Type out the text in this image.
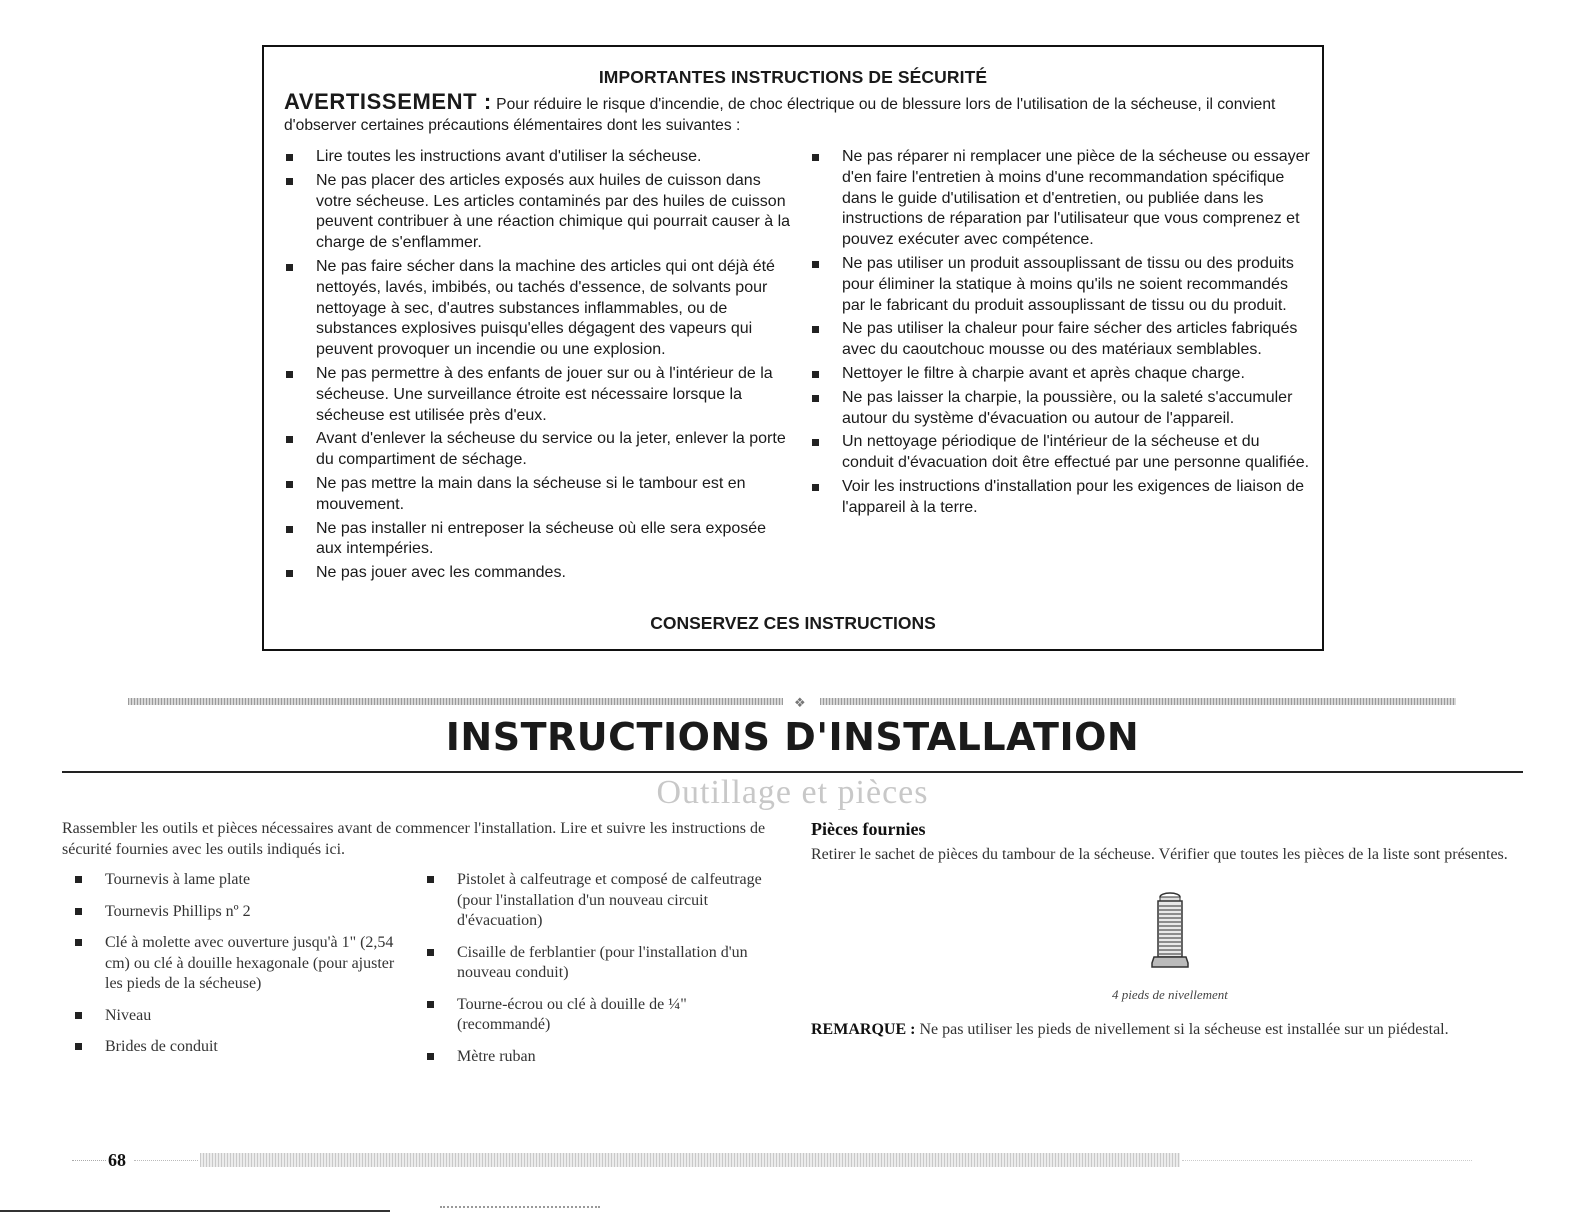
IMPORTANTES INSTRUCTIONS DE SÉCURITÉ
AVERTISSEMENT : Pour réduire le risque d'incendie, de choc électrique ou de blessure lors de l'utilisation de la sécheuse, il convient d'observer certaines précautions élémentaires dont les suivantes :
Lire toutes les instructions avant d'utiliser la sécheuse.
Ne pas placer des articles exposés aux huiles de cuisson dans votre sécheuse. Les articles contaminés par des huiles de cuisson peuvent contribuer à une réaction chimique qui pourrait causer à la charge de s'enflammer.
Ne pas faire sécher dans la machine des articles qui ont déjà été nettoyés, lavés, imbibés, ou tachés d'essence, de solvants pour nettoyage à sec, d'autres substances inflammables, ou de substances explosives puisqu'elles dégagent des vapeurs qui peuvent provoquer un incendie ou une explosion.
Ne pas permettre à des enfants de jouer sur ou à l'intérieur de la sécheuse. Une surveillance étroite est nécessaire lorsque la sécheuse est utilisée près d'eux.
Avant d'enlever la sécheuse du service ou la jeter, enlever la porte du compartiment de séchage.
Ne pas mettre la main dans la sécheuse si le tambour est en mouvement.
Ne pas installer ni entreposer la sécheuse où elle sera exposée aux intempéries.
Ne pas jouer avec les commandes.
Ne pas réparer ni remplacer une pièce de la sécheuse ou essayer d'en faire l'entretien à moins d'une recommandation spécifique dans le guide d'utilisation et d'entretien, ou publiée dans les instructions de réparation par l'utilisateur que vous comprenez et pouvez exécuter avec compétence.
Ne pas utiliser un produit assouplissant de tissu ou des produits pour éliminer la statique à moins qu'ils ne soient recommandés par le fabricant du produit assouplissant de tissu ou du produit.
Ne pas utiliser la chaleur pour faire sécher des articles fabriqués avec du caoutchouc mousse ou des matériaux semblables.
Nettoyer le filtre à charpie avant et après chaque charge.
Ne pas laisser la charpie, la poussière, ou la saleté s'accumuler autour du système d'évacuation ou autour de l'appareil.
Un nettoyage périodique de l'intérieur de la sécheuse et du conduit d'évacuation doit être effectué par une personne qualifiée.
Voir les instructions d'installation pour les exigences de liaison de l'appareil à la terre.
CONSERVEZ CES INSTRUCTIONS
❖
INSTRUCTIONS D'INSTALLATION
Outillage et pièces
Rassembler les outils et pièces nécessaires avant de commencer l'installation. Lire et suivre les instructions de sécurité fournies avec les outils indiqués ici.
Tournevis à lame plate
Tournevis Phillips nº 2
Clé à molette avec ouverture jusqu'à 1" (2,54 cm) ou clé à douille hexagonale (pour ajuster les pieds de la sécheuse)
Niveau
Brides de conduit
Pistolet à calfeutrage et composé de calfeutrage (pour l'installation d'un nouveau circuit d'évacuation)
Cisaille de ferblantier (pour l'installation d'un nouveau conduit)
Tourne-écrou ou clé à douille de ¼" (recommandé)
Mètre ruban
Pièces fournies
Retirer le sachet de pièces du tambour de la sécheuse. Vérifier que toutes les pièces de la liste sont présentes.
4 pieds de nivellement
REMARQUE : Ne pas utiliser les pieds de nivellement si la sécheuse est installée sur un piédestal.
68
